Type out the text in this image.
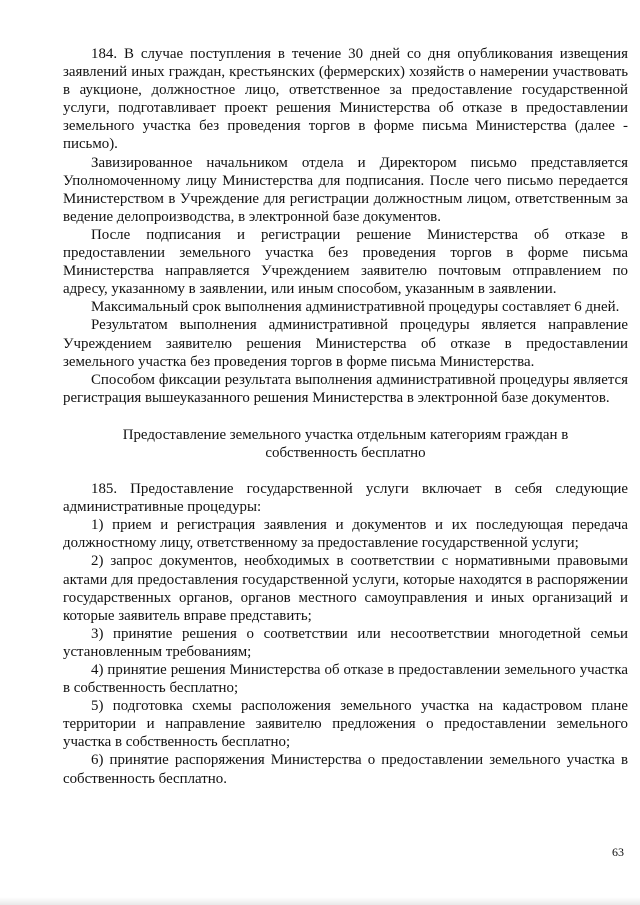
184. В случае поступления в течение 30 дней со дня опубликования извещения заявлений иных граждан, крестьянских (фермерских) хозяйств о намерении участвовать в аукционе, должностное лицо, ответственное за предоставление государственной услуги, подготавливает проект решения Министерства об отказе в предоставлении земельного участка без проведения торгов в форме письма Министерства (далее - письмо).

Завизированное начальником отдела и Директором письмо представляется Уполномоченному лицу Министерства для подписания. После чего письмо передается Министерством в Учреждение для регистрации должностным лицом, ответственным за ведение делопроизводства, в электронной базе документов.

После подписания и регистрации решение Министерства об отказе в предоставлении земельного участка без проведения торгов в форме письма Министерства направляется Учреждением заявителю почтовым отправлением по адресу, указанному в заявлении, или иным способом, указанным в заявлении.

Максимальный срок выполнения административной процедуры составляет 6 дней.

Результатом выполнения административной процедуры является направление Учреждением заявителю решения Министерства об отказе в предоставлении земельного участка без проведения торгов в форме письма Министерства.

Способом фиксации результата выполнения административной процедуры является регистрация вышеуказанного решения Министерства в электронной базе документов.

Предоставление земельного участка отдельным категориям граждан в собственность бесплатно

185. Предоставление государственной услуги включает в себя следующие административные процедуры:

1) прием и регистрация заявления и документов и их последующая передача должностному лицу, ответственному за предоставление государственной услуги;

2) запрос документов, необходимых в соответствии с нормативными правовыми актами для предоставления государственной услуги, которые находятся в распоряжении государственных органов, органов местного самоуправления и иных организаций и которые заявитель вправе представить;

3) принятие решения о соответствии или несоответствии многодетной семьи установленным требованиям;

4) принятие решения Министерства об отказе в предоставлении земельного участка в собственность бесплатно;

5) подготовка схемы расположения земельного участка на кадастровом плане территории и направление заявителю предложения о предоставлении земельного участка в собственность бесплатно;

6) принятие распоряжения Министерства о предоставлении земельного участка в собственность бесплатно.

63
